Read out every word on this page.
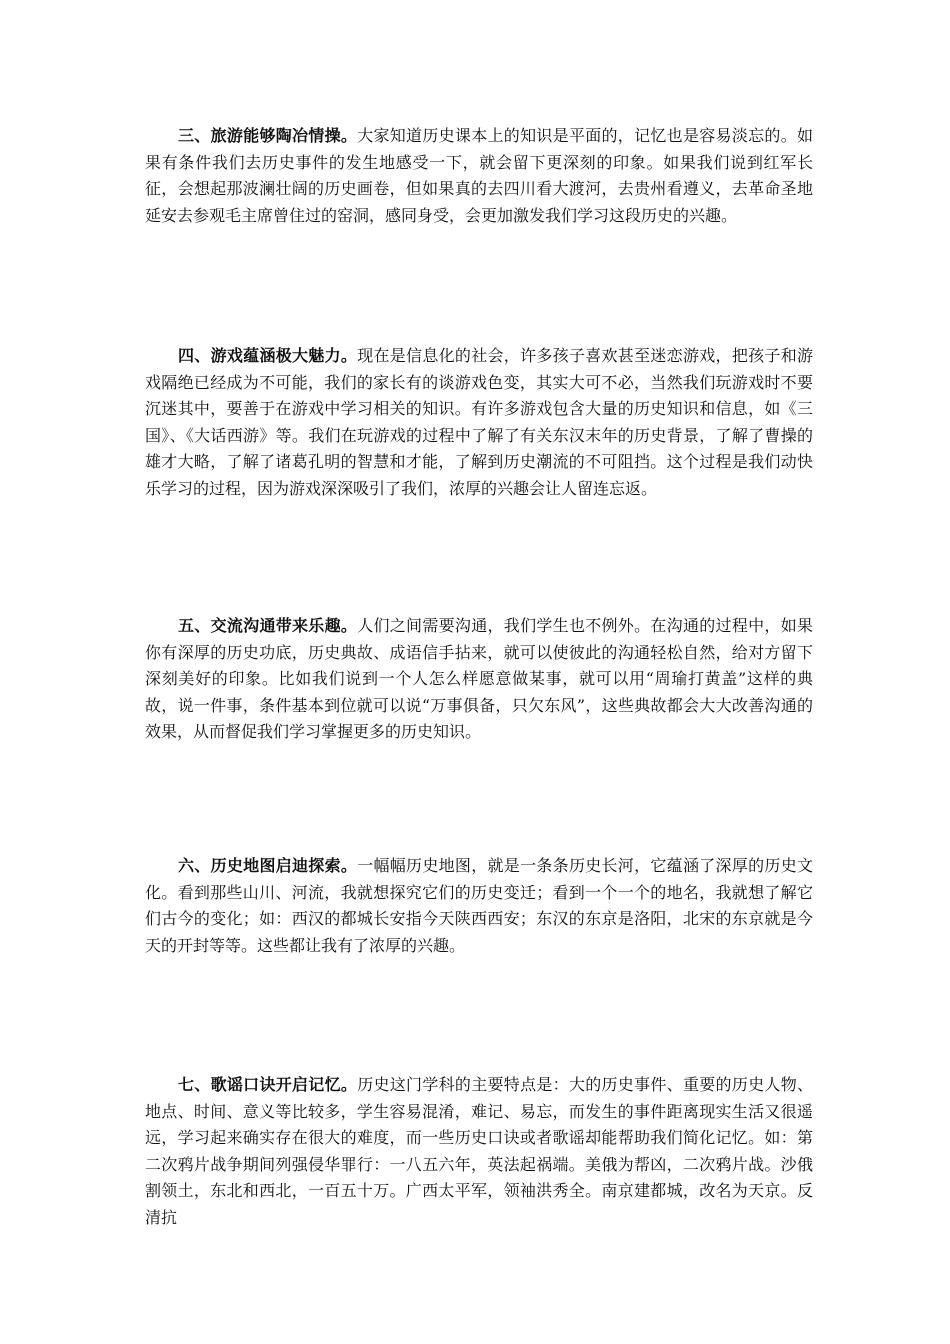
三、旅游能够陶冶情操。大家知道历史课本上的知识是平面的，记忆也是容易淡忘的。如果有条件我们去历史事件的发生地感受一下，就会留下更深刻的印象。如果我们说到红军长征，会想起那波澜壮阔的历史画卷，但如果真的去四川看大渡河，去贵州看遵义，去革命圣地延安去参观毛主席曾住过的窑洞，感同身受，会更加激发我们学习这段历史的兴趣。

四、游戏蕴涵极大魅力。现在是信息化的社会，许多孩子喜欢甚至迷恋游戏，把孩子和游戏隔绝已经成为不可能，我们的家长有的谈游戏色变，其实大可不必，当然我们玩游戏时不要沉迷其中，要善于在游戏中学习相关的知识。有许多游戏包含大量的历史知识和信息，如《三国》、《大话西游》等。我们在玩游戏的过程中了解了有关东汉末年的历史背景，了解了曹操的雄才大略，了解了诸葛孔明的智慧和才能，了解到历史潮流的不可阻挡。这个过程是我们动快乐学习的过程，因为游戏深深吸引了我们，浓厚的兴趣会让人留连忘返。

五、交流沟通带来乐趣。人们之间需要沟通，我们学生也不例外。在沟通的过程中，如果你有深厚的历史功底，历史典故、成语信手拈来，就可以使彼此的沟通轻松自然，给对方留下深刻美好的印象。比如我们说到一个人怎么样愿意做某事，就可以用“周瑜打黄盖”这样的典故，说一件事，条件基本到位就可以说“万事俱备，只欠东风”，这些典故都会大大改善沟通的效果，从而督促我们学习掌握更多的历史知识。

六、历史地图启迪探索。一幅幅历史地图，就是一条条历史长河，它蕴涵了深厚的历史文化。看到那些山川、河流，我就想探究它们的历史变迁；看到一个一个的地名，我就想了解它们古今的变化；如：西汉的都城长安指今天陕西西安；东汉的东京是洛阳，北宋的东京就是今天的开封等等。这些都让我有了浓厚的兴趣。

七、歌谣口诀开启记忆。历史这门学科的主要特点是：大的历史事件、重要的历史人物、地点、时间、意义等比较多，学生容易混淆，难记、易忘，而发生的事件距离现实生活又很遥远，学习起来确实存在很大的难度，而一些历史口诀或者歌谣却能帮助我们简化记忆。如：第二次鸦片战争期间列强侵华罪行：一八五六年，英法起祸端。美俄为帮凶，二次鸦片战。沙俄割领土，东北和西北，一百五十万。广西太平军，领袖洪秀全。南京建都城，改名为天京。反清抗
